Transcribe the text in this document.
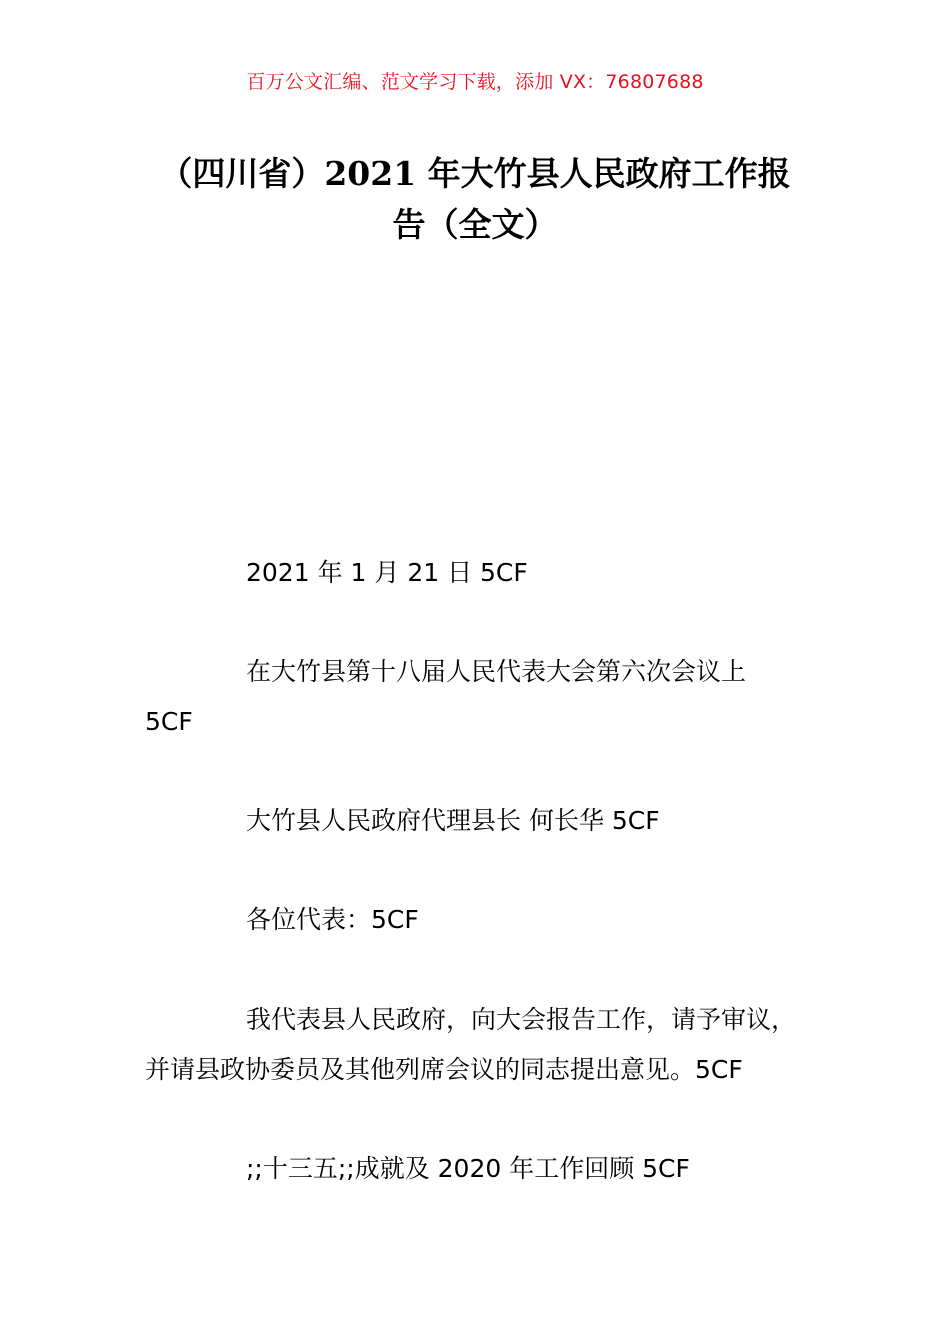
百万公文汇编、范文学习下载，添加 VX：76807688
（四川省）2021 年大竹县人民政府工作报
告（全文）
2021 年 1 月 21 日 5CF
在大竹县第十八届人民代表大会第六次会议上
5CF
大竹县人民政府代理县长 何长华 5CF
各位代表：5CF
我代表县人民政府，向大会报告工作，请予审议，
并请县政协委员及其他列席会议的同志提出意见。5CF
;;十三五;;成就及 2020 年工作回顾 5CF
